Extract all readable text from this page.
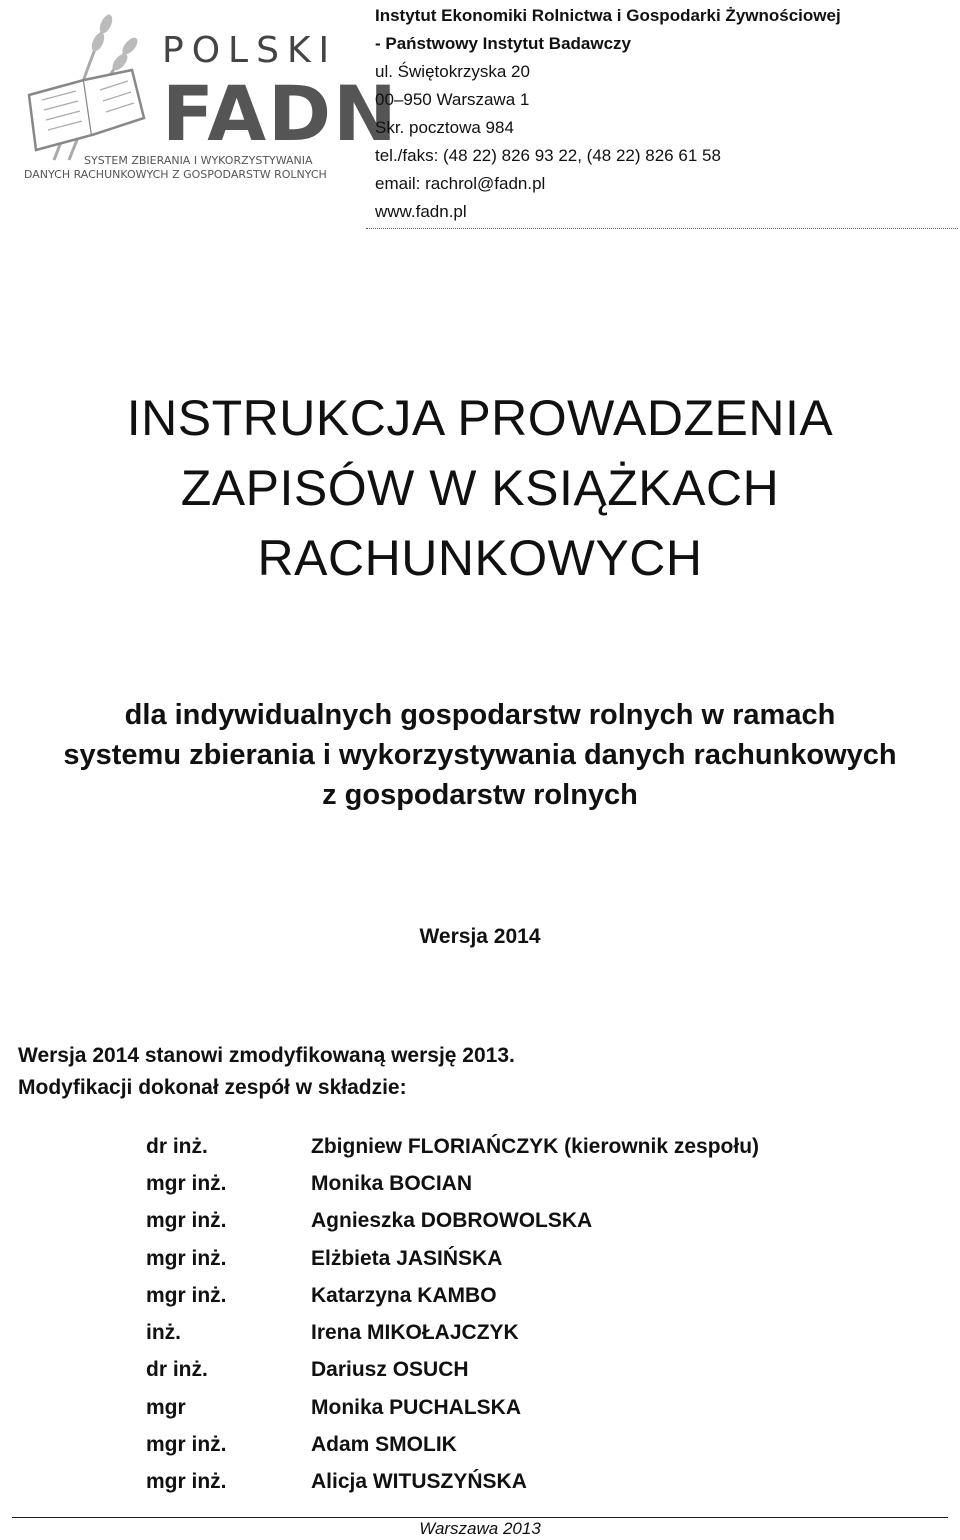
POLSKI
FADN
SYSTEM ZBIERANIA I WYKORZYSTYWANIA
DANYCH RACHUNKOWYCH Z GOSPODARSTW ROLNYCH
Instytut Ekonomiki Rolnictwa i Gospodarki Żywnościowej
- Państwowy Instytut Badawczy
ul. Świętokrzyska 20
00–950 Warszawa 1
Skr. pocztowa 984
tel./faks: (48 22) 826 93 22, (48 22) 826 61 58
email: rachrol@fadn.pl
www.fadn.pl
INSTRUKCJA PROWADZENIA
ZAPISÓW W KSIĄŻKACH
RACHUNKOWYCH
dla indywidualnych gospodarstw rolnych w ramach
systemu zbierania i wykorzystywania danych rachunkowych
z gospodarstw rolnych
Wersja 2014
Wersja 2014 stanowi zmodyfikowaną wersję 2013.
Modyfikacji dokonał zespół w składzie:
dr inż.	Zbigniew FLORIAŃCZYK (kierownik zespołu)
mgr inż.	Monika BOCIAN
mgr inż.	Agnieszka DOBROWOLSKA
mgr inż.	Elżbieta JASIŃSKA
mgr inż.	Katarzyna KAMBO
inż.	Irena MIKOŁAJCZYK
dr inż.	Dariusz OSUCH
mgr	Monika PUCHALSKA
mgr inż.	Adam SMOLIK
mgr inż.	Alicja WITUSZYŃSKA
Warszawa 2013
